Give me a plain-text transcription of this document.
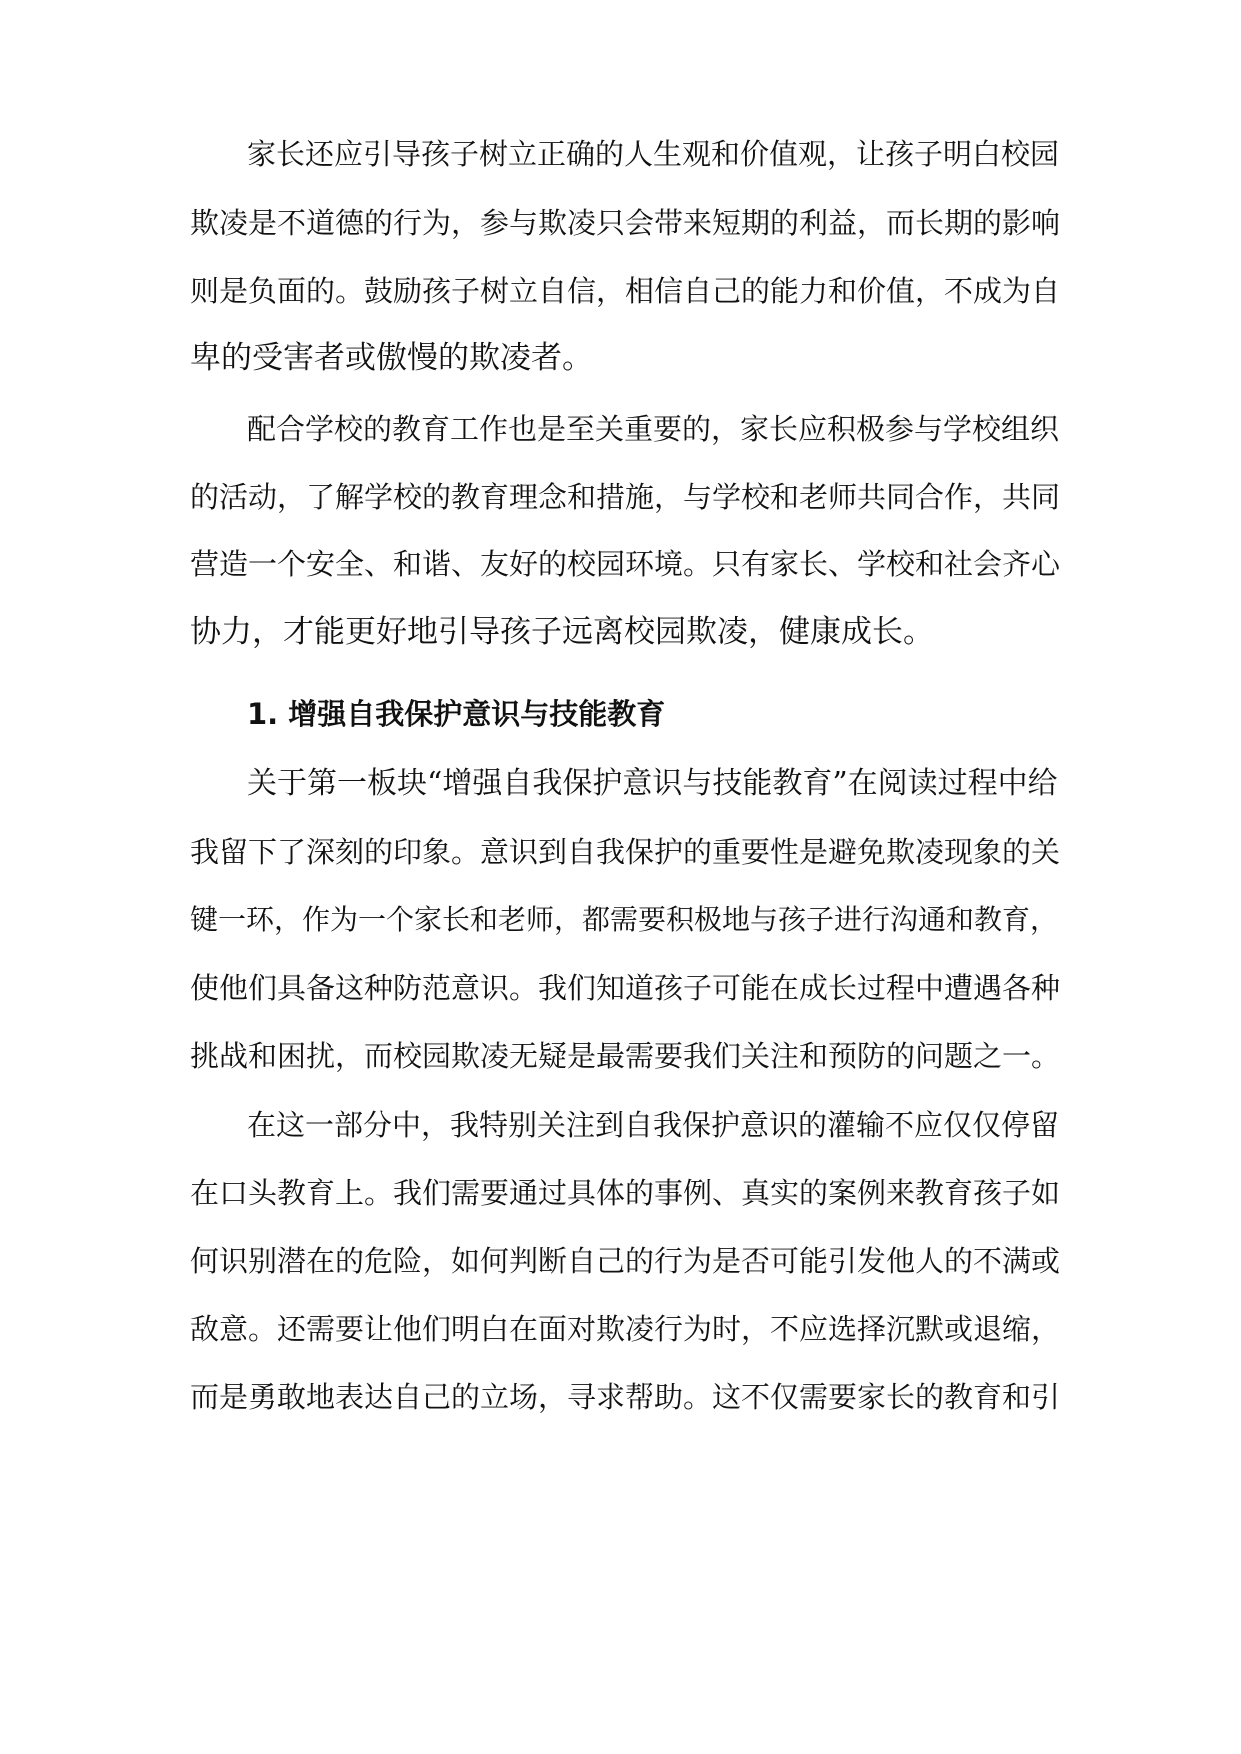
家长还应引导孩子树立正确的人生观和价值观，让孩子明白校园
欺凌是不道德的行为，参与欺凌只会带来短期的利益，而长期的影响
则是负面的。鼓励孩子树立自信，相信自己的能力和价值，不成为自
卑的受害者或傲慢的欺凌者。
配合学校的教育工作也是至关重要的，家长应积极参与学校组织
的活动，了解学校的教育理念和措施，与学校和老师共同合作，共同
营造一个安全、和谐、友好的校园环境。只有家长、学校和社会齐心
协力，才能更好地引导孩子远离校园欺凌，健康成长。
1. 增强自我保护意识与技能教育
关于第一板块“增强自我保护意识与技能教育”在阅读过程中给
我留下了深刻的印象。意识到自我保护的重要性是避免欺凌现象的关
键一环，作为一个家长和老师，都需要积极地与孩子进行沟通和教育，
使他们具备这种防范意识。我们知道孩子可能在成长过程中遭遇各种
挑战和困扰，而校园欺凌无疑是最需要我们关注和预防的问题之一。
在这一部分中，我特别关注到自我保护意识的灌输不应仅仅停留
在口头教育上。我们需要通过具体的事例、真实的案例来教育孩子如
何识别潜在的危险，如何判断自己的行为是否可能引发他人的不满或
敌意。还需要让他们明白在面对欺凌行为时，不应选择沉默或退缩，
而是勇敢地表达自己的立场，寻求帮助。这不仅需要家长的教育和引
